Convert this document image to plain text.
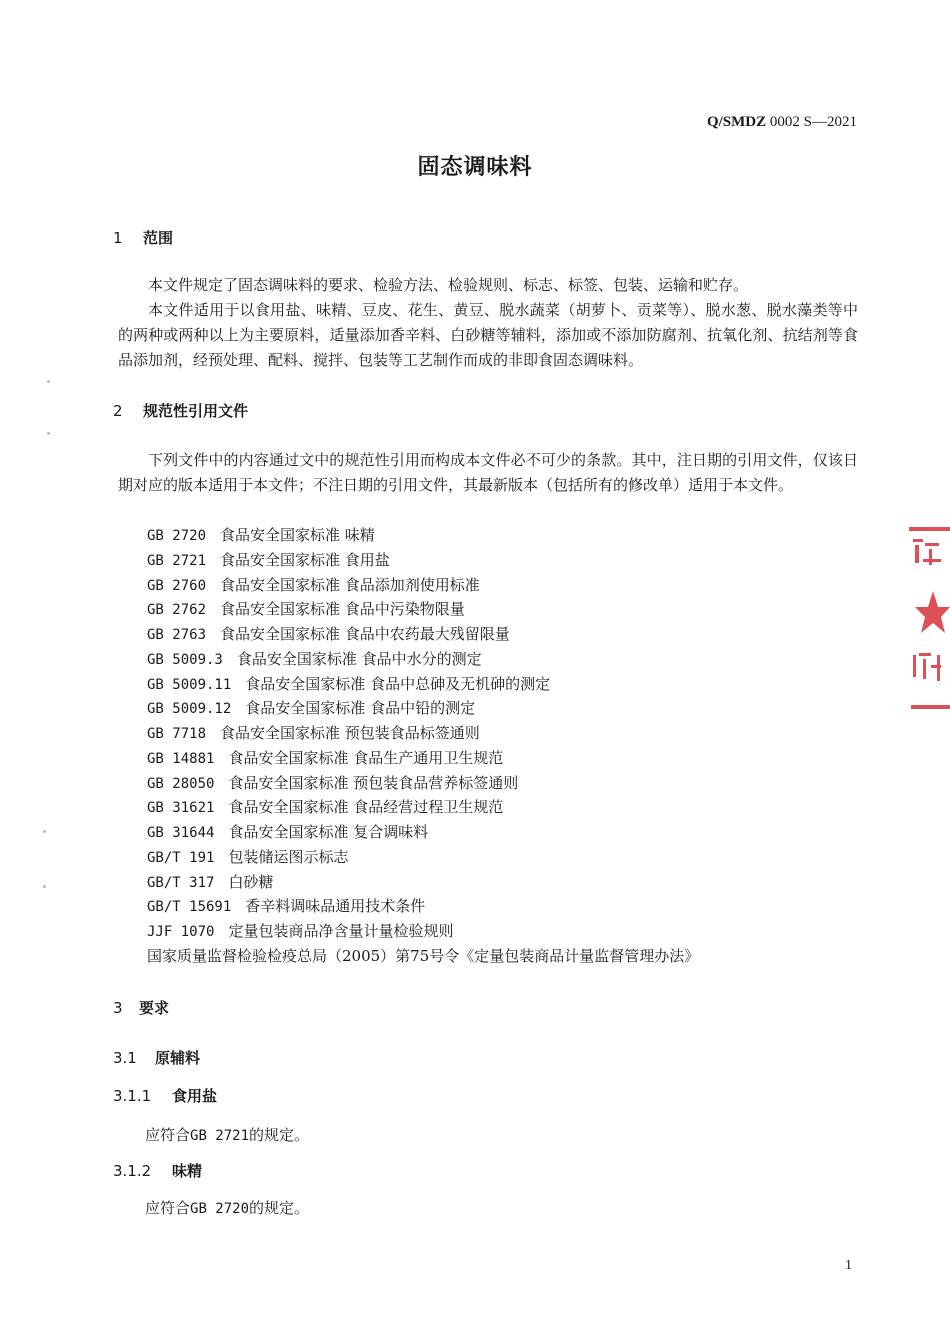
Q/SMDZ 0002 S—2021
固态调味料
1 范围

本文件规定了固态调味料的要求、检验方法、检验规则、标志、标签、包装、运输和贮存。

本文件适用于以食用盐、味精、豆皮、花生、黄豆、脱水蔬菜（胡萝卜、贡菜等）、脱水葱、脱水藻类等中的两种或两种以上为主要原料，适量添加香辛料、白砂糖等辅料，添加或不添加防腐剂、抗氧化剂、抗结剂等食品添加剂，经预处理、配料、搅拌、包装等工艺制作而成的非即食固态调味料。

2 规范性引用文件

下列文件中的内容通过文中的规范性引用而构成本文件必不可少的条款。其中，注日期的引用文件，仅该日期对应的版本适用于本文件；不注日期的引用文件，其最新版本（包括所有的修改单）适用于本文件。

GB 2720 食品安全国家标准 味精
GB 2721 食品安全国家标准 食用盐
GB 2760 食品安全国家标准 食品添加剂使用标准
GB 2762 食品安全国家标准 食品中污染物限量
GB 2763 食品安全国家标准 食品中农药最大残留限量
GB 5009.3 食品安全国家标准 食品中水分的测定
GB 5009.11 食品安全国家标准 食品中总砷及无机砷的测定
GB 5009.12 食品安全国家标准 食品中铅的测定
GB 7718 食品安全国家标准 预包装食品标签通则
GB 14881 食品安全国家标准 食品生产通用卫生规范
GB 28050 食品安全国家标准 预包装食品营养标签通则
GB 31621 食品安全国家标准 食品经营过程卫生规范
GB 31644 食品安全国家标准 复合调味料
GB/T 191 包装储运图示标志
GB/T 317 白砂糖
GB/T 15691 香辛料调味品通用技术条件
JJF 1070 定量包装商品净含量计量检验规则
国家质量监督检验检疫总局（2005）第75号令《定量包装商品计量监督管理办法》
3 要求
3.1 原辅料
3.1.1 食用盐
应符合GB 2721的规定。
3.1.2 味精
应符合GB 2720的规定。
1
